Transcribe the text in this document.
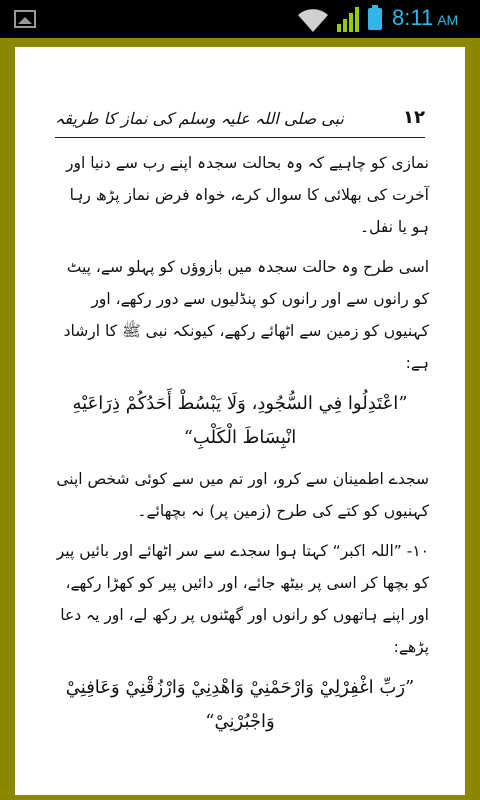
8:11 AM
۱۲
نبی صلی اللہ علیہ وسلم کی نماز کا طریقہ

نمازی کو چاہیے کہ وہ بحالت سجدہ اپنے رب سے دنیا اور آخرت کی بھلائی کا سوال کرے، خواہ فرض نماز پڑھ رہا ہو یا نفل۔

اسی طرح وہ حالت سجدہ میں بازوؤں کو پہلو سے، پیٹ کو رانوں سے اور رانوں کو پنڈلیوں سے دور رکھے، اور کہنیوں کو زمین سے اٹھائے رکھے، کیونکہ نبی ﷺ کا ارشاد ہے:

”اعْتَدِلُوا فِي السُّجُودِ، وَلَا يَبْسُطْ أَحَدُكُمْ ذِرَاعَيْهِ انْبِسَاطَ الْكَلْبِ“

سجدے اطمینان سے کرو، اور تم میں سے کوئی شخص اپنی کہنیوں کو کتے کی طرح (زمین پر) نہ بچھائے۔

۱۰- ”اللہ اکبر“ کہتا ہوا سجدے سے سر اٹھائے اور بائیں پیر کو بچھا کر اسی پر بیٹھ جائے، اور دائیں پیر کو کھڑا رکھے، اور اپنے ہاتھوں کو رانوں اور گھٹنوں پر رکھ لے، اور یہ دعا پڑھے:

”رَبِّ اغْفِرْلِيْ وَارْحَمْنِيْ وَاهْدِنِيْ وَارْزُقْنِيْ وَعَافِنِيْ وَاجْبُرْنِيْ“
